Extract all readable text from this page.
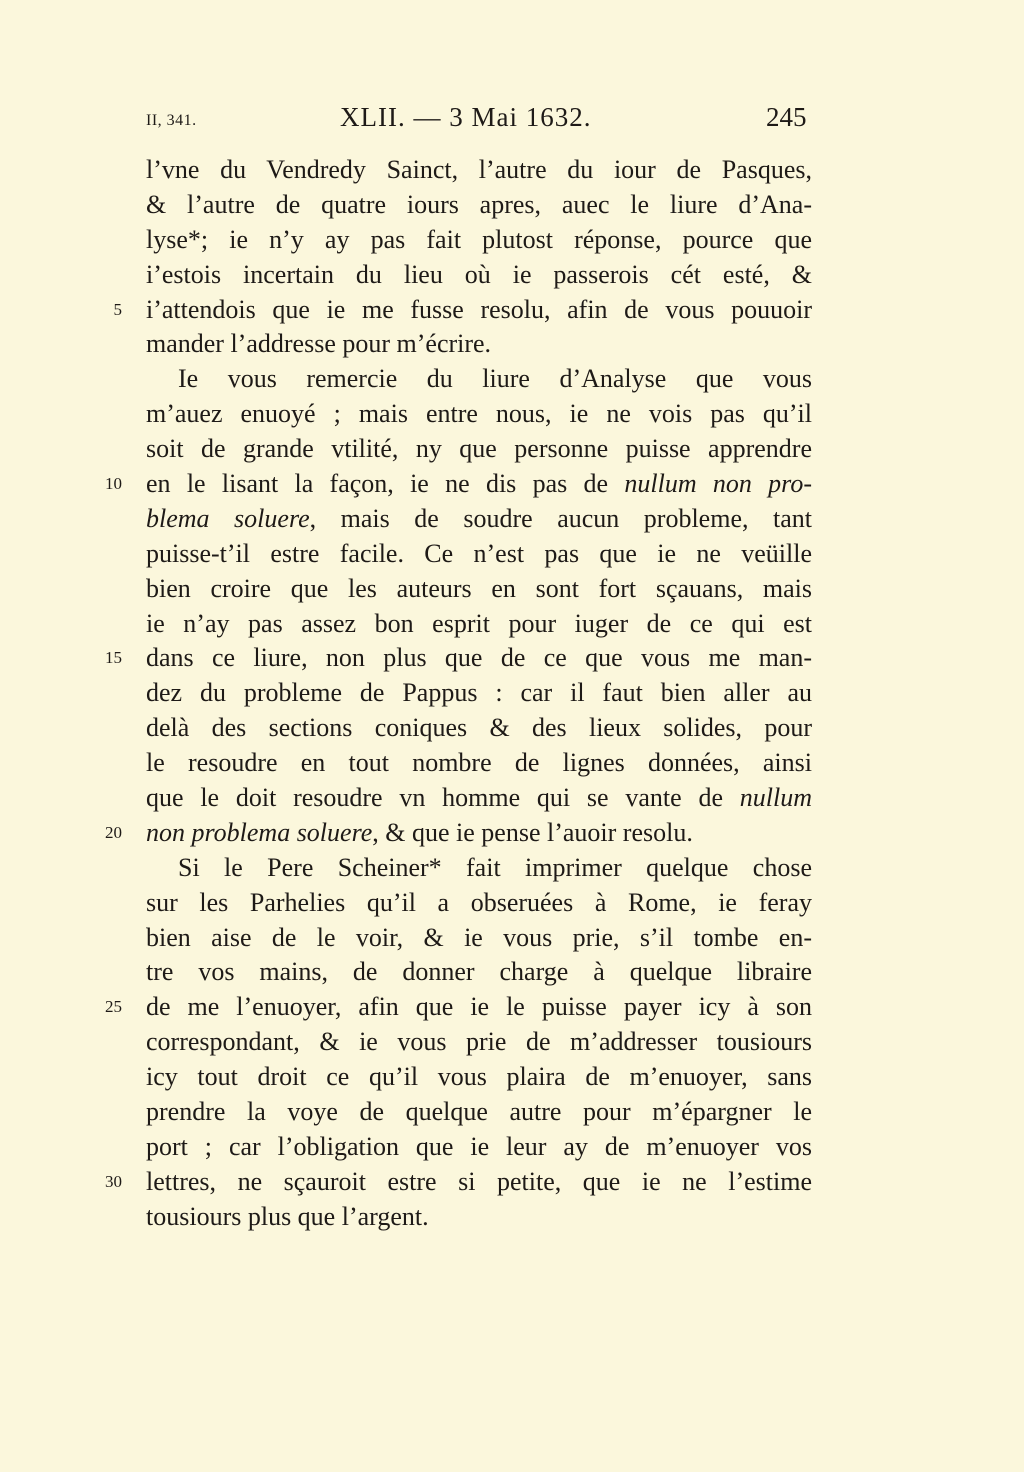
II, 341.	XLII. — 3 Mai 1632.	245
l’vne du Vendredy Sainct, l’autre du iour de Pasques,
& l’autre de quatre iours apres, auec le liure d’Ana-
lyse*; ie n’y ay pas fait plutost réponse, pource que
i’estois incertain du lieu où ie passerois cét esté, &
5 i’attendois que ie me fusse resolu, afin de vous pouuoir
mander l’addresse pour m’écrire.
Ie vous remercie du liure d’Analyse que vous
m’auez enuoyé ; mais entre nous, ie ne vois pas qu’il
soit de grande vtilité, ny que personne puisse apprendre
10 en le lisant la façon, ie ne dis pas de nullum non pro-
blema soluere, mais de soudre aucun probleme, tant
puisse-t’il estre facile. Ce n’est pas que ie ne veüille
bien croire que les auteurs en sont fort sçauans, mais
ie n’ay pas assez bon esprit pour iuger de ce qui est
15 dans ce liure, non plus que de ce que vous me man-
dez du probleme de Pappus : car il faut bien aller au
delà des sections coniques & des lieux solides, pour
le resoudre en tout nombre de lignes données, ainsi
que le doit resoudre vn homme qui se vante de nullum
20 non problema soluere, & que ie pense l’auoir resolu.
Si le Pere Scheiner* fait imprimer quelque chose
sur les Parhelies qu’il a obseruées à Rome, ie feray
bien aise de le voir, & ie vous prie, s’il tombe en-
tre vos mains, de donner charge à quelque libraire
25 de me l’enuoyer, afin que ie le puisse payer icy à son
correspondant, & ie vous prie de m’addresser tousiours
icy tout droit ce qu’il vous plaira de m’enuoyer, sans
prendre la voye de quelque autre pour m’épargner le
port ; car l’obligation que ie leur ay de m’enuoyer vos
30 lettres, ne sçauroit estre si petite, que ie ne l’estime
tousiours plus que l’argent.
